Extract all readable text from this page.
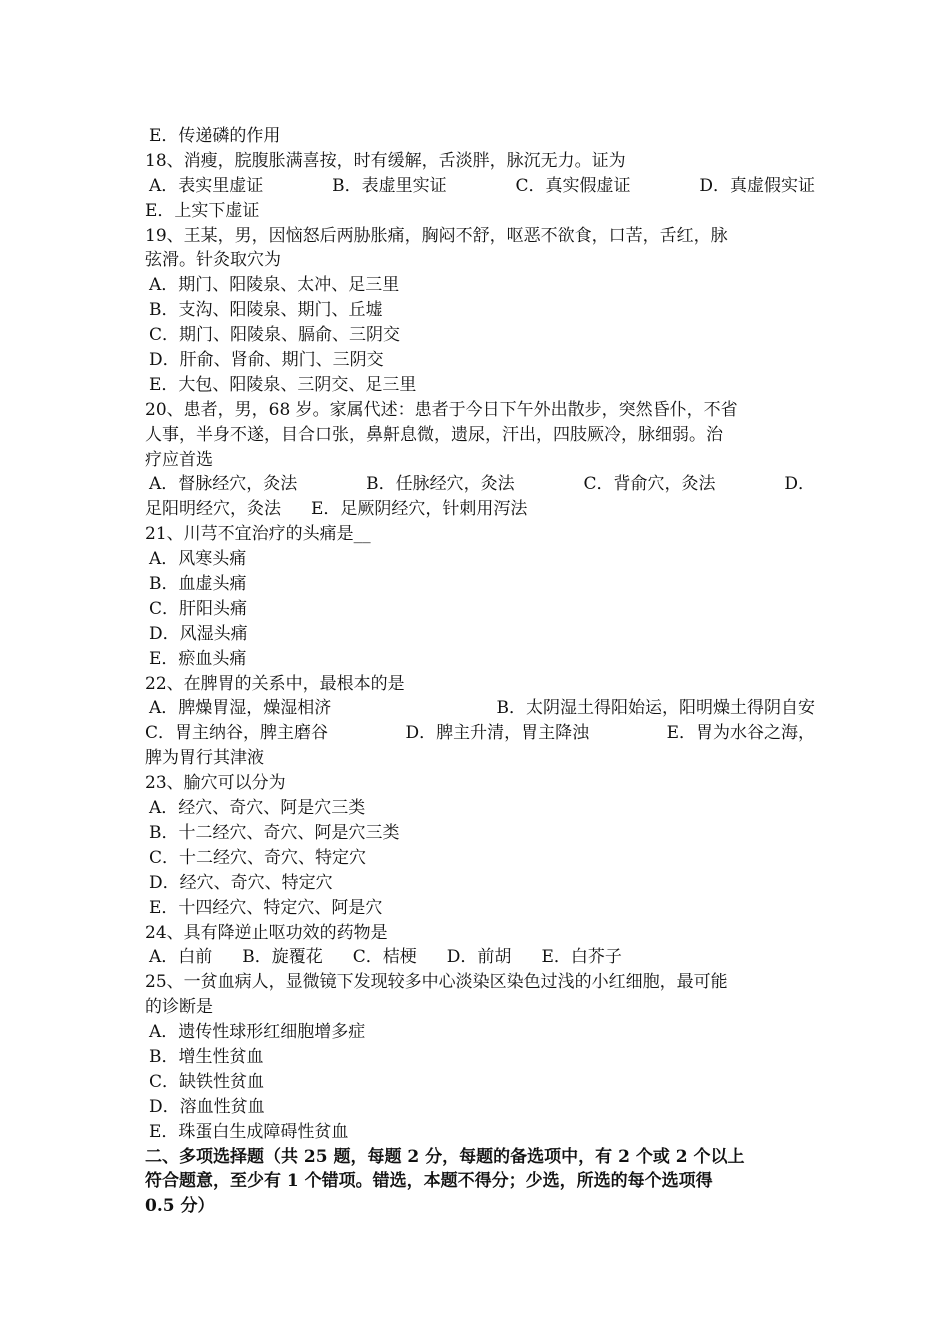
E．传递磷的作用
18、消瘦，脘腹胀满喜按，时有缓解，舌淡胖，脉沉无力。证为
A．表实里虚证	B．表虚里实证	C．真实假虚证	D．真虚假实证
E．上实下虚证
19、王某，男，因恼怒后两胁胀痛，胸闷不舒，呕恶不欲食，口苦，舌红，脉
弦滑。针灸取穴为
A．期门、阳陵泉、太冲、足三里
B．支沟、阳陵泉、期门、丘墟
C．期门、阳陵泉、膈俞、三阴交
D．肝俞、肾俞、期门、三阴交
E．大包、阳陵泉、三阴交、足三里
20、患者，男，68 岁。家属代述：患者于今日下午外出散步，突然昏仆，不省
人事，半身不遂，目合口张，鼻鼾息微，遗尿，汗出，四肢厥冷，脉细弱。治
疗应首选
A．督脉经穴，灸法	B．任脉经穴，灸法	C．背俞穴，灸法	D．
足阳明经穴，灸法 E．足厥阴经穴，针刺用泻法
21、川芎不宜治疗的头痛是__
A．风寒头痛
B．血虚头痛
C．肝阳头痛
D．风湿头痛
E．瘀血头痛
22、在脾胃的关系中，最根本的是
A．脾燥胃湿，燥湿相济	B．太阴湿土得阳始运，阳明燥土得阴自安
C．胃主纳谷，脾主磨谷	D．脾主升清，胃主降浊	E．胃为水谷之海，
脾为胃行其津液
23、腧穴可以分为
A．经穴、奇穴、阿是穴三类
B．十二经穴、奇穴、阿是穴三类
C．十二经穴、奇穴、特定穴
D．经穴、奇穴、特定穴
E．十四经穴、特定穴、阿是穴
24、具有降逆止呕功效的药物是
A．白前 B．旋覆花 C．桔梗 D．前胡 E．白芥子
25、一贫血病人，显微镜下发现较多中心淡染区染色过浅的小红细胞，最可能
的诊断是
A．遗传性球形红细胞增多症
B．增生性贫血
C．缺铁性贫血
D．溶血性贫血
E．珠蛋白生成障碍性贫血
二、多项选择题（共 25 题，每题 2 分，每题的备选项中，有 2 个或 2 个以上
符合题意，至少有 1 个错项。错选，本题不得分；少选，所选的每个选项得
0.5 分）
